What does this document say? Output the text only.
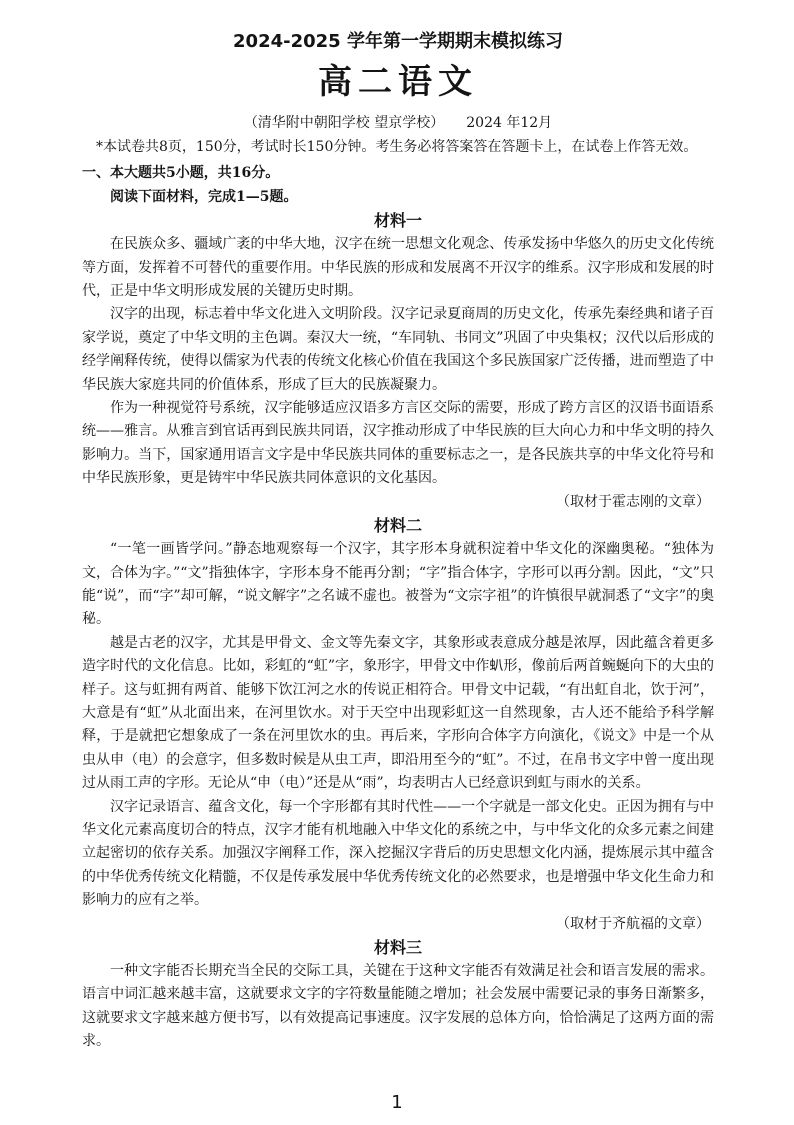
2024-2025 学年第一学期期末模拟练习
高二语文
（清华附中朝阳学校 望京学校） 2024 年12月

*本试卷共8页，150分，考试时长150分钟。考生务必将答案答在答题卡上，在试卷上作答无效。

一、本大题共5小题，共16分。

阅读下面材料，完成1—5题。

材料一

在民族众多、疆域广袤的中华大地，汉字在统一思想文化观念、传承发扬中华悠久的历史文化传统等方面，发挥着不可替代的重要作用。中华民族的形成和发展离不开汉字的维系。汉字形成和发展的时代，正是中华文明形成发展的关键历史时期。

汉字的出现，标志着中华文化进入文明阶段。汉字记录夏商周的历史文化，传承先秦经典和诸子百家学说，奠定了中华文明的主色调。秦汉大一统，“车同轨、书同文”巩固了中央集权；汉代以后形成的经学阐释传统，使得以儒家为代表的传统文化核心价值在我国这个多民族国家广泛传播，进而塑造了中华民族大家庭共同的价值体系，形成了巨大的民族凝聚力。

作为一种视觉符号系统，汉字能够适应汉语多方言区交际的需要，形成了跨方言区的汉语书面语系统——雅言。从雅言到官话再到民族共同语，汉字推动形成了中华民族的巨大向心力和中华文明的持久影响力。当下，国家通用语言文字是中华民族共同体的重要标志之一，是各民族共享的中华文化符号和中华民族形象，更是铸牢中华民族共同体意识的文化基因。

（取材于霍志刚的文章）

材料二

“一笔一画皆学问。”静态地观察每一个汉字，其字形本身就积淀着中华文化的深幽奥秘。“独体为文，合体为字。”“文”指独体字，字形本身不能再分割；“字”指合体字，字形可以再分割。因此，“文”只能“说”，而“字”却可解，“说文解字”之名诚不虚也。被誉为“文宗字祖”的许慎很早就洞悉了“文字”的奥秘。

越是古老的汉字，尤其是甲骨文、金文等先秦文字，其象形或表意成分越是浓厚，因此蕴含着更多造字时代的文化信息。比如，彩虹的“虹”字，象形字，甲骨文中作𧈢形，像前后两首蜿蜒向下的大虫的样子。这与虹拥有两首、能够下饮江河之水的传说正相符合。甲骨文中记载，“有出虹自北，饮于河”，大意是有“虹”从北面出来，在河里饮水。对于天空中出现彩虹这一自然现象，古人还不能给予科学解释，于是就把它想象成了一条在河里饮水的虫。再后来，字形向合体字方向演化，《说文》中是一个从虫从申（电）的会意字，但多数时候是从虫工声，即沿用至今的“虹”。不过，在帛书文字中曾一度出现过从雨工声的字形。无论从“申（电）”还是从“雨”，均表明古人已经意识到虹与雨水的关系。

汉字记录语言、蕴含文化，每一个字形都有其时代性——一个字就是一部文化史。正因为拥有与中华文化元素高度切合的特点，汉字才能有机地融入中华文化的系统之中，与中华文化的众多元素之间建立起密切的依存关系。加强汉字阐释工作，深入挖掘汉字背后的历史思想文化内涵，提炼展示其中蕴含的中华优秀传统文化精髓，不仅是传承发展中华优秀传统文化的必然要求，也是增强中华文化生命力和影响力的应有之举。

（取材于齐航福的文章）

材料三

一种文字能否长期充当全民的交际工具，关键在于这种文字能否有效满足社会和语言发展的需求。语言中词汇越来越丰富，这就要求文字的字符数量能随之增加；社会发展中需要记录的事务日渐繁多，这就要求文字越来越方便书写，以有效提高记事速度。汉字发展的总体方向，恰恰满足了这两方面的需求。

1
